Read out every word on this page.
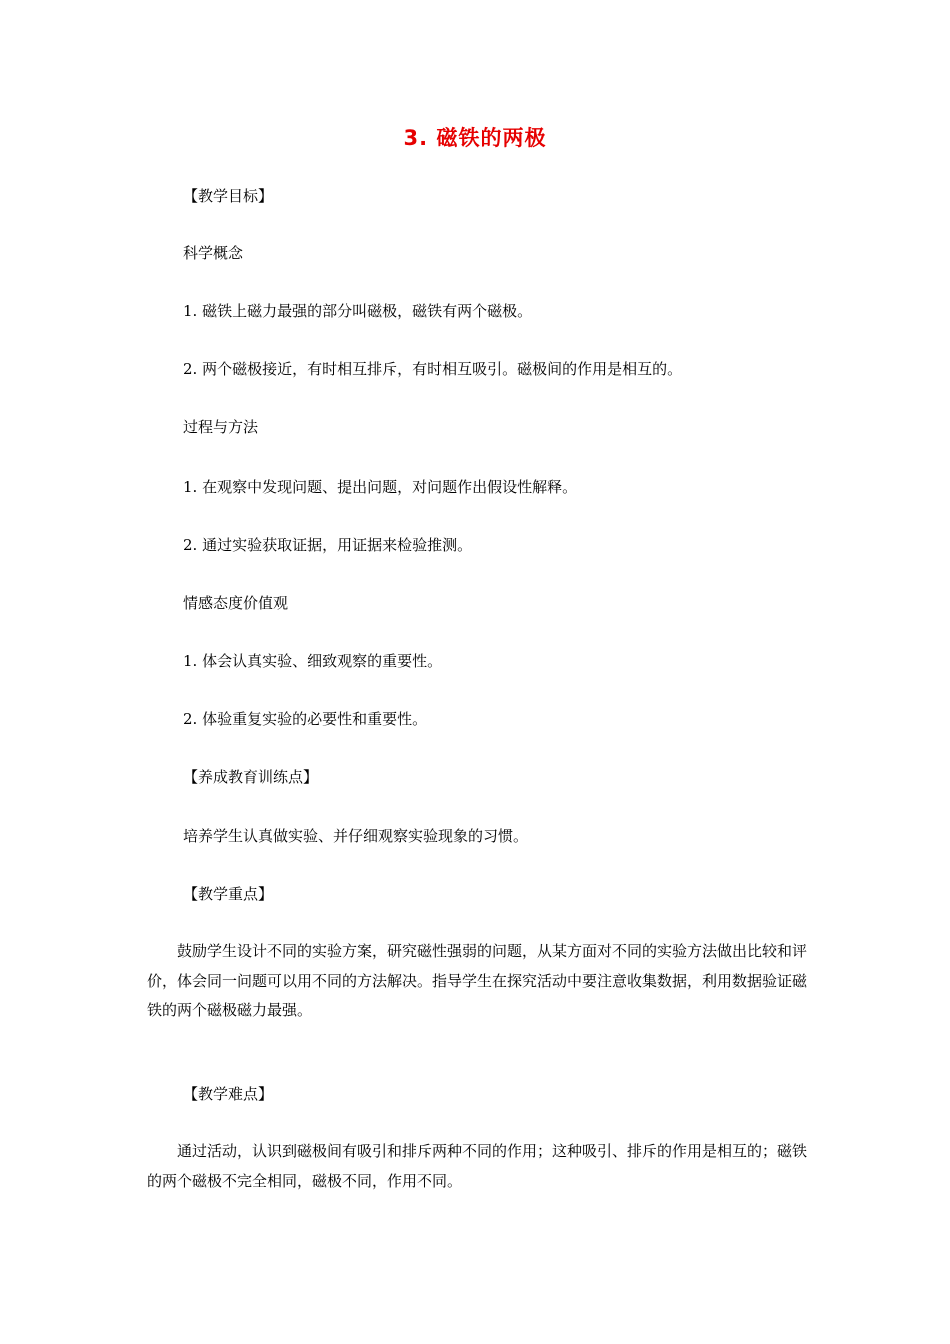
3. 磁铁的两极
【教学目标】
科学概念
1. 磁铁上磁力最强的部分叫磁极，磁铁有两个磁极。
2. 两个磁极接近，有时相互排斥，有时相互吸引。磁极间的作用是相互的。
过程与方法
1. 在观察中发现问题、提出问题，对问题作出假设性解释。
2. 通过实验获取证据，用证据来检验推测。
情感态度价值观
1. 体会认真实验、细致观察的重要性。
2. 体验重复实验的必要性和重要性。
【养成教育训练点】
培养学生认真做实验、并仔细观察实验现象的习惯。
【教学重点】
鼓励学生设计不同的实验方案，研究磁性强弱的问题，从某方面对不同的实验方法做出比较和评价，体会同一问题可以用不同的方法解决。指导学生在探究活动中要注意收集数据，利用数据验证磁铁的两个磁极磁力最强。
【教学难点】
通过活动，认识到磁极间有吸引和排斥两种不同的作用；这种吸引、排斥的作用是相互的；磁铁的两个磁极不完全相同，磁极不同，作用不同。
